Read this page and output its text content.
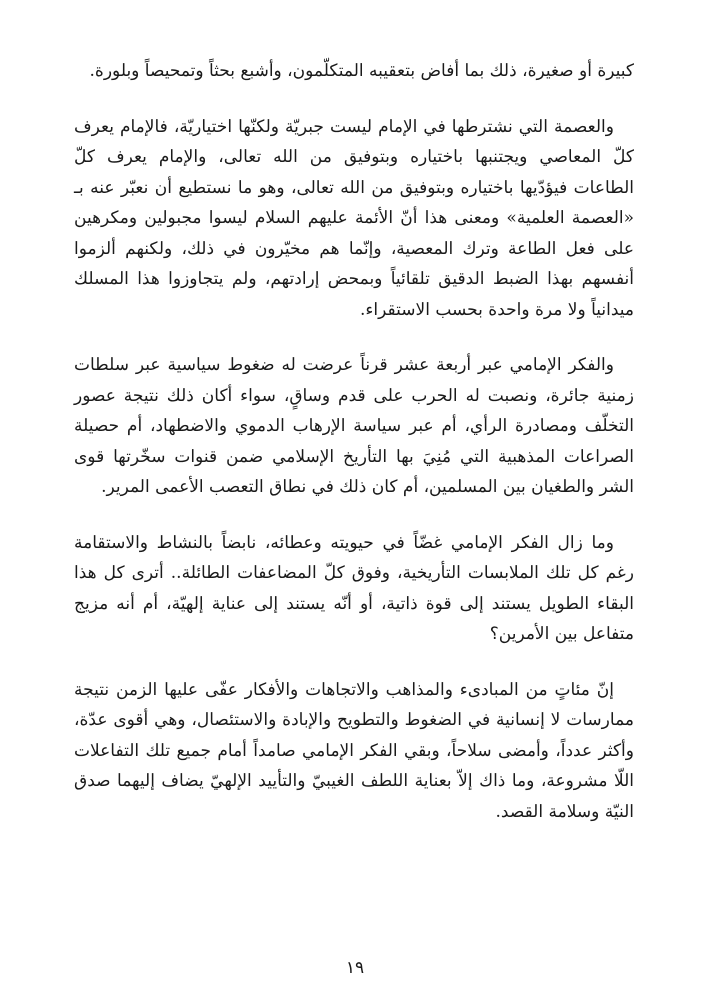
كبيرة أو صغيرة، ذلك بما أفاض بتعقيبه المتكلّمون، وأشبع بحثاً وتمحيصاً وبلورة.

والعصمة التي نشترطها في الإمام ليست جبريّة ولكنّها اختياريّة، فالإمام يعرف كلّ المعاصي ويجتنبها باختياره وبتوفيق من الله تعالى، والإمام يعرف كلّ الطاعات فيؤدّيها باختياره وبتوفيق من الله تعالى، وهو ما نستطيع أن نعبّر عنه بـ «العصمة العلمية» ومعنى هذا أنّ الأئمة عليهم السلام ليسوا مجبولين ومكرهين على فعل الطاعة وترك المعصية، وإنّما هم مخيّرون في ذلك، ولكنهم ألزموا أنفسهم بهذا الضبط الدقيق تلقائياً وبمحض إرادتهم، ولم يتجاوزوا هذا المسلك ميدانياً ولا مرة واحدة بحسب الاستقراء.

والفكر الإمامي عبر أربعة عشر قرناً عرضت له ضغوط سياسية عبر سلطات زمنية جائرة، ونصبت له الحرب على قدم وساقٍ، سواء أكان ذلك نتيجة عصور التخلّف ومصادرة الرأي، أم عبر سياسة الإرهاب الدموي والاضطهاد، أم حصيلة الصراعات المذهبية التي مُنِيَ بها التأريخ الإسلامي ضمن قنوات سخّرتها قوى الشر والطغيان بين المسلمين، أم كان ذلك في نطاق التعصب الأعمى المرير.

وما زال الفكر الإمامي غضّاً في حيويته وعطائه، نابضاً بالنشاط والاستقامة رغم كل تلك الملابسات التأريخية، وفوق كلّ المضاعفات الطائلة.. أترى كل هذا البقاء الطويل يستند إلى قوة ذاتية، أو أنّه يستند إلى عناية إلهيّة، أم أنه مزيج متفاعل بين الأمرين؟

إنّ مئاتٍ من المبادىء والمذاهب والاتجاهات والأفكار عفّى عليها الزمن نتيجة ممارسات لا إنسانية في الضغوط والتطويح والإبادة والاستئصال، وهي أقوى عدّة، وأكثر عدداً، وأمضى سلاحاً، وبقي الفكر الإمامي صامداً أمام جميع تلك التفاعلات اللّا مشروعة، وما ذاك إلاّ بعناية اللطف الغيبيّ والتأييد الإلهيّ يضاف إليهما صدق النيّة وسلامة القصد.

١٩
